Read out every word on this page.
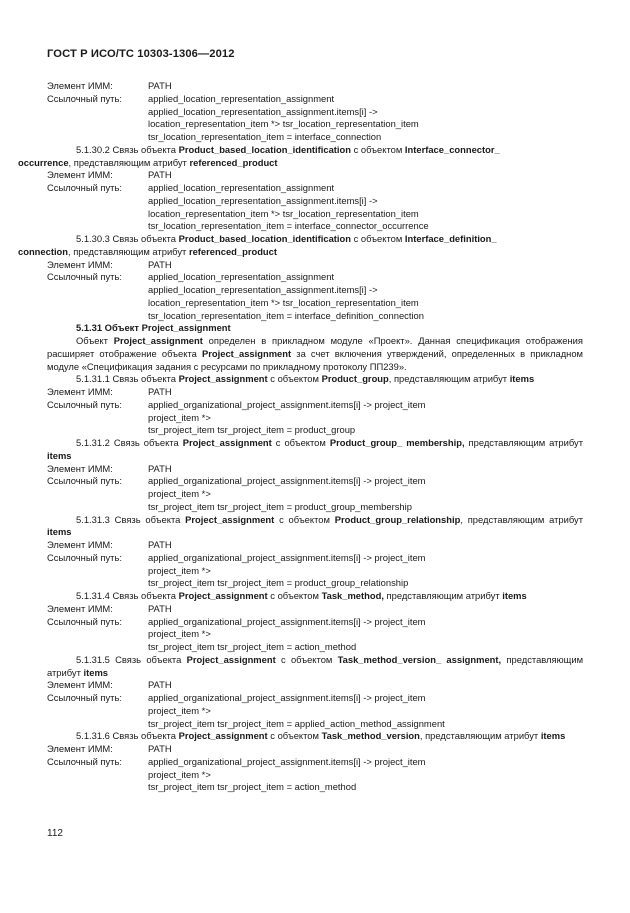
ГОСТ Р ИСО/ТС 10303-1306—2012
Элемент ИММ:	PATH
Ссылочный путь:	applied_location_representation_assignment
applied_location_representation_assignment.items[i] ->
location_representation_item *> tsr_location_representation_item
tsr_location_representation_item = interface_connection
5.1.30.2 Связь объекта Product_based_location_identification с объектом Interface_connector_
occurrence, представляющим атрибут referenced_product
Элемент ИММ:	PATH
Ссылочный путь:	applied_location_representation_assignment
applied_location_representation_assignment.items[i] ->
location_representation_item *> tsr_location_representation_item
tsr_location_representation_item = interface_connector_occurrence
5.1.30.3 Связь объекта Product_based_location_identification с объектом Interface_definition_
connection, представляющим атрибут referenced_product
Элемент ИММ:	PATH
Ссылочный путь:	applied_location_representation_assignment
applied_location_representation_assignment.items[i] ->
location_representation_item *> tsr_location_representation_item
tsr_location_representation_item = interface_definition_connection
5.1.31 Объект Project_assignment
Объект Project_assignment определен в прикладном модуле «Проект». Данная спецификация отображения расширяет отображение объекта Project_assignment за счет включения утверждений, определенных в прикладном модуле «Спецификация задания с ресурсами по прикладному протоколу ПП239».
5.1.31.1 Связь объекта Project_assignment с объектом Product_group, представляющим атрибут items
Элемент ИММ:	PATH
Ссылочный путь:	applied_organizational_project_assignment.items[i] -> project_item
project_item *>
tsr_project_item tsr_project_item = product_group
5.1.31.2 Связь объекта Project_assignment с объектом Product_group_ membership, представляющим атрибут items
Элемент ИММ:	PATH
Ссылочный путь:	applied_organizational_project_assignment.items[i] -> project_item
project_item *>
tsr_project_item tsr_project_item = product_group_membership
5.1.31.3 Связь объекта Project_assignment с объектом Product_group_relationship, представляющим атрибут items
Элемент ИММ:	PATH
Ссылочный путь:	applied_organizational_project_assignment.items[i] -> project_item
project_item *>
tsr_project_item tsr_project_item = product_group_relationship
5.1.31.4 Связь объекта Project_assignment с объектом Task_method, представляющим атрибут items
Элемент ИММ:	PATH
Ссылочный путь:	applied_organizational_project_assignment.items[i] -> project_item
project_item *>
tsr_project_item tsr_project_item = action_method
5.1.31.5 Связь объекта Project_assignment с объектом Task_method_version_ assignment, представляющим атрибут items
Элемент ИММ:	PATH
Ссылочный путь:	applied_organizational_project_assignment.items[i] -> project_item
project_item *>
tsr_project_item tsr_project_item = applied_action_method_assignment
5.1.31.6 Связь объекта Project_assignment с объектом Task_method_version, представляющим атрибут items
Элемент ИММ:	PATH
Ссылочный путь:	applied_organizational_project_assignment.items[i] -> project_item
project_item *>
tsr_project_item tsr_project_item = action_method
112
